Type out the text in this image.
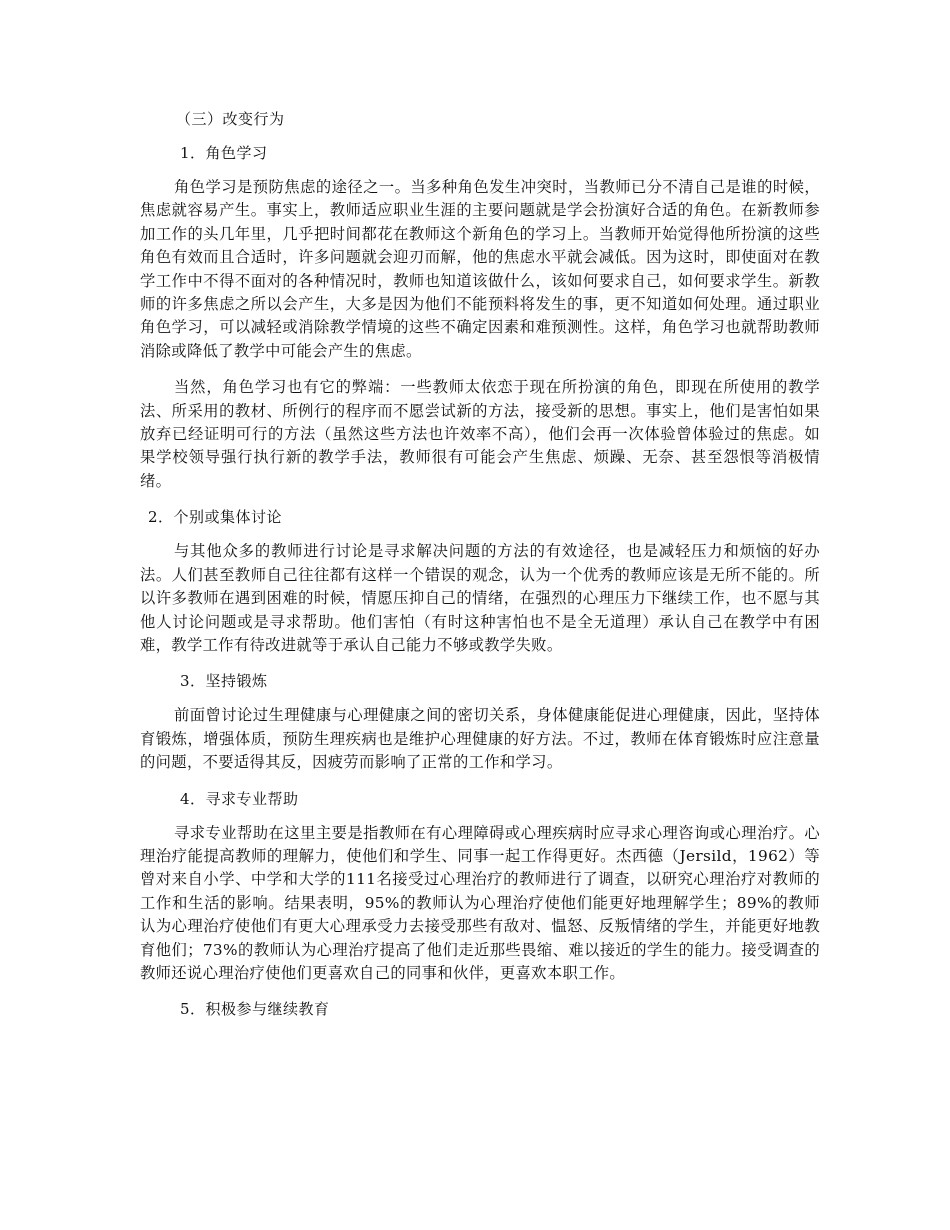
（三）改变行为
1．角色学习

角色学习是预防焦虑的途径之一。当多种角色发生冲突时，当教师已分不清自己是谁的时候，焦虑就容易产生。事实上，教师适应职业生涯的主要问题就是学会扮演好合适的角色。在新教师参加工作的头几年里，几乎把时间都花在教师这个新角色的学习上。当教师开始觉得他所扮演的这些角色有效而且合适时，许多问题就会迎刃而解，他的焦虑水平就会减低。因为这时，即使面对在教学工作中不得不面对的各种情况时，教师也知道该做什么，该如何要求自己，如何要求学生。新教师的许多焦虑之所以会产生，大多是因为他们不能预料将发生的事，更不知道如何处理。通过职业角色学习，可以减轻或消除教学情境的这些不确定因素和难预测性。这样，角色学习也就帮助教师消除或降低了教学中可能会产生的焦虑。

当然，角色学习也有它的弊端：一些教师太依恋于现在所扮演的角色，即现在所使用的教学法、所采用的教材、所例行的程序而不愿尝试新的方法，接受新的思想。事实上，他们是害怕如果放弃已经证明可行的方法（虽然这些方法也许效率不高），他们会再一次体验曾体验过的焦虑。如果学校领导强行执行新的教学手法，教师很有可能会产生焦虑、烦躁、无奈、甚至怨恨等消极情绪。

2．个别或集体讨论

与其他众多的教师进行讨论是寻求解决问题的方法的有效途径，也是减轻压力和烦恼的好办法。人们甚至教师自己往往都有这样一个错误的观念，认为一个优秀的教师应该是无所不能的。所以许多教师在遇到困难的时候，情愿压抑自己的情绪，在强烈的心理压力下继续工作，也不愿与其他人讨论问题或是寻求帮助。他们害怕（有时这种害怕也不是全无道理）承认自己在教学中有困难，教学工作有待改进就等于承认自己能力不够或教学失败。

3．坚持锻炼

前面曾讨论过生理健康与心理健康之间的密切关系，身体健康能促进心理健康，因此，坚持体育锻炼，增强体质，预防生理疾病也是维护心理健康的好方法。不过，教师在体育锻炼时应注意量的问题，不要适得其反，因疲劳而影响了正常的工作和学习。

4．寻求专业帮助

寻求专业帮助在这里主要是指教师在有心理障碍或心理疾病时应寻求心理咨询或心理治疗。心理治疗能提高教师的理解力，使他们和学生、同事一起工作得更好。杰西德（Jersild，1962）等曾对来自小学、中学和大学的111名接受过心理治疗的教师进行了调查，以研究心理治疗对教师的工作和生活的影响。结果表明，95%的教师认为心理治疗使他们能更好地理解学生；89%的教师认为心理治疗使他们有更大心理承受力去接受那些有敌对、愠怒、反叛情绪的学生，并能更好地教育他们；73%的教师认为心理治疗提高了他们走近那些畏缩、难以接近的学生的能力。接受调查的教师还说心理治疗使他们更喜欢自己的同事和伙伴，更喜欢本职工作。

5．积极参与继续教育
